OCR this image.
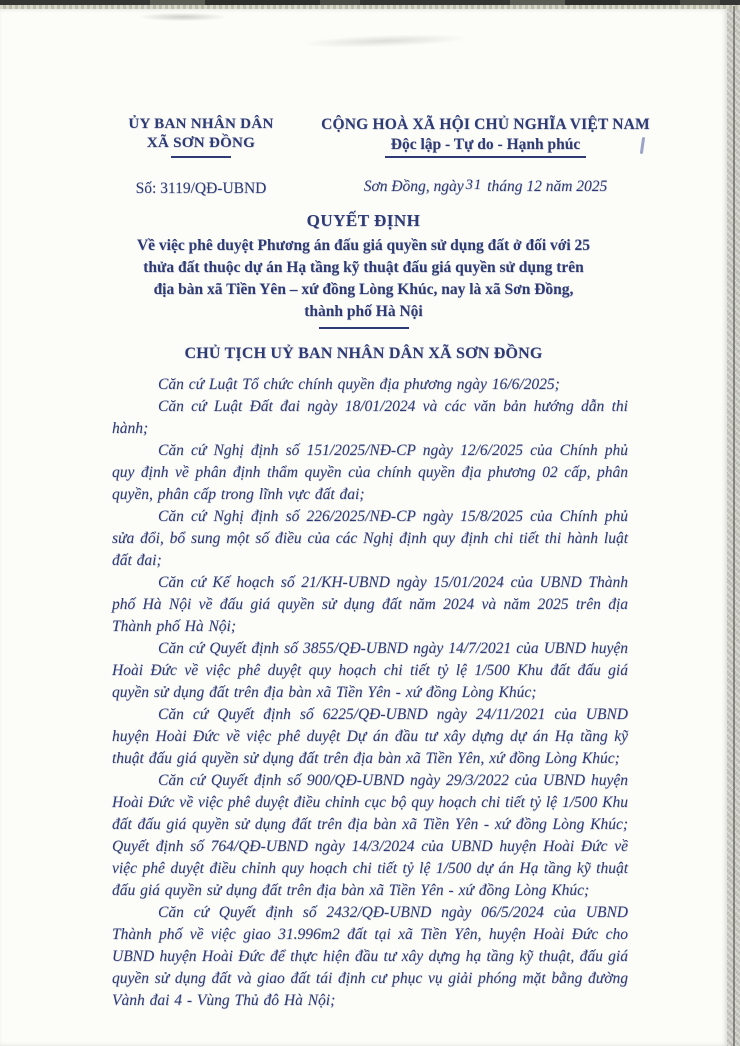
ỦY BAN NHÂN DÂN
XÃ SƠN ĐỒNG
Số: 3119/QĐ-UBND
CỘNG HOÀ XÃ HỘI CHỦ NGHĨA VIỆT NAM
Độc lập - Tự do - Hạnh phúc
Sơn Đồng, ngày 31 tháng 12 năm 2025
QUYẾT ĐỊNH
Về việc phê duyệt Phương án đấu giá quyền sử dụng đất ở đối với 25
thửa đất thuộc dự án Hạ tầng kỹ thuật đấu giá quyền sử dụng trên
địa bàn xã Tiền Yên – xứ đồng Lòng Khúc, nay là xã Sơn Đồng,
thành phố Hà Nội
CHỦ TỊCH UỶ BAN NHÂN DÂN XÃ SƠN ĐỒNG

Căn cứ Luật Tổ chức chính quyền địa phương ngày 16/6/2025;

Căn cứ Luật Đất đai ngày 18/01/2024 và các văn bản hướng dẫn thi hành;

Căn cứ Nghị định số 151/2025/NĐ-CP ngày 12/6/2025 của Chính phủ quy định về phân định thẩm quyền của chính quyền địa phương 02 cấp, phân quyền, phân cấp trong lĩnh vực đất đai;

Căn cứ Nghị định số 226/2025/NĐ-CP ngày 15/8/2025 của Chính phủ sửa đổi, bổ sung một số điều của các Nghị định quy định chi tiết thi hành luật đất đai;

Căn cứ Kế hoạch số 21/KH-UBND ngày 15/01/2024 của UBND Thành phố Hà Nội về đấu giá quyền sử dụng đất năm 2024 và năm 2025 trên địa Thành phố Hà Nội;

Căn cứ Quyết định số 3855/QĐ-UBND ngày 14/7/2021 của UBND huyện Hoài Đức về việc phê duyệt quy hoạch chi tiết tỷ lệ 1/500 Khu đất đấu giá quyền sử dụng đất trên địa bàn xã Tiền Yên - xứ đồng Lòng Khúc;

Căn cứ Quyết định số 6225/QĐ-UBND ngày 24/11/2021 của UBND huyện Hoài Đức về việc phê duyệt Dự án đầu tư xây dựng dự án Hạ tầng kỹ thuật đấu giá quyền sử dụng đất trên địa bàn xã Tiền Yên, xứ đồng Lòng Khúc;

Căn cứ Quyết định số 900/QĐ-UBND ngày 29/3/2022 của UBND huyện Hoài Đức về việc phê duyệt điều chỉnh cục bộ quy hoạch chi tiết tỷ lệ 1/500 Khu đất đấu giá quyền sử dụng đất trên địa bàn xã Tiền Yên - xứ đồng Lòng Khúc; Quyết định số 764/QĐ-UBND ngày 14/3/2024 của UBND huyện Hoài Đức về việc phê duyệt điều chỉnh quy hoạch chi tiết tỷ lệ 1/500 dự án Hạ tầng kỹ thuật đấu giá quyền sử dụng đất trên địa bàn xã Tiền Yên - xứ đồng Lòng Khúc;

Căn cứ Quyết định số 2432/QĐ-UBND ngày 06/5/2024 của UBND Thành phố về việc giao 31.996m2 đất tại xã Tiền Yên, huyện Hoài Đức cho UBND huyện Hoài Đức để thực hiện đầu tư xây dựng hạ tầng kỹ thuật, đấu giá quyền sử dụng đất và giao đất tái định cư phục vụ giải phóng mặt bằng đường Vành đai 4 - Vùng Thủ đô Hà Nội;
